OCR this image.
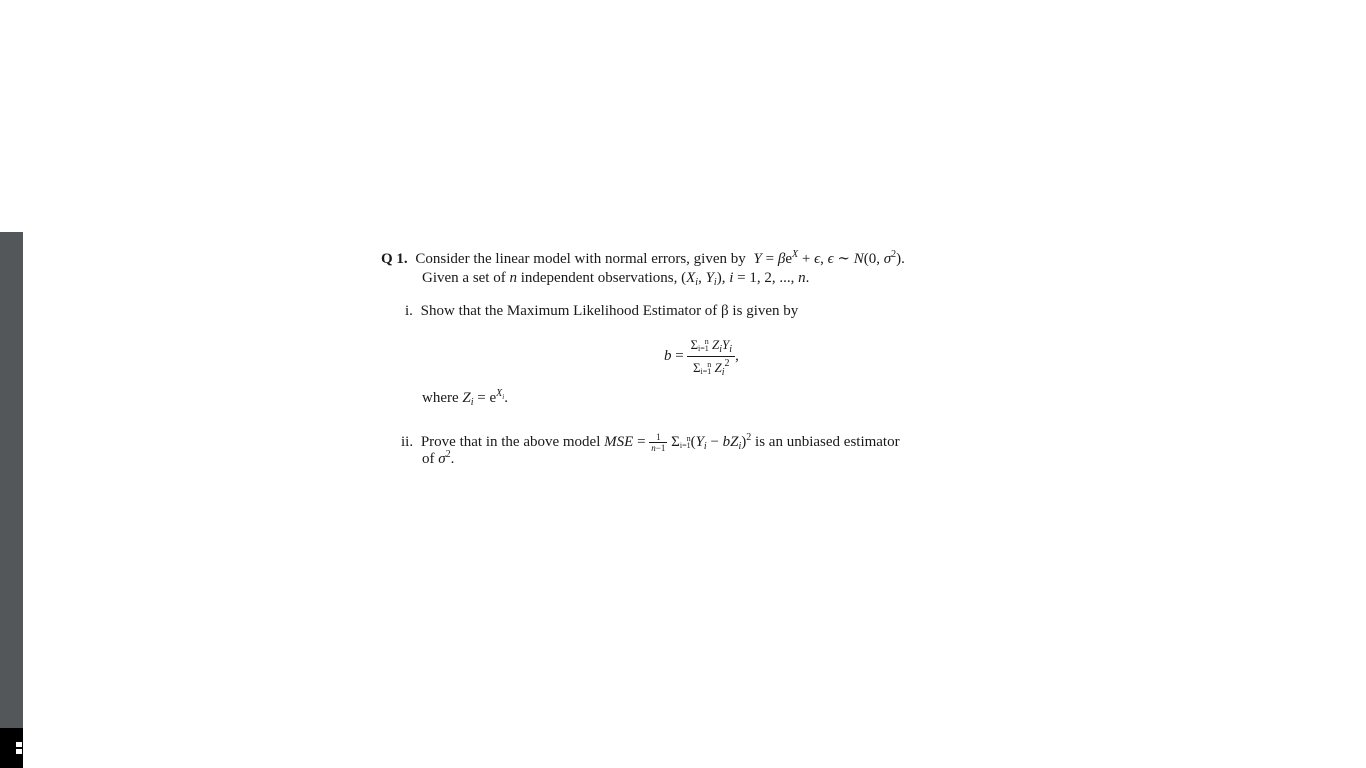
Q 1. Consider the linear model with normal errors, given by $Y = \beta e^X + \epsilon$, ϵ ∼ N(0, $\sigma^2$).
Given a set of n independent observations, ($X_i$, $Y_i$), i = 1, 2, ..., n.
i. Show that the Maximum Likelihood Estimator of β is given by
$b = \frac{\Sigma i=1^n Z_iY_i}{\Sigma i=1^n Z_i^2}$ ,
where $Z_i = e^{X_i}$.
ii. Prove that in the above model MSE = $\frac{1}{n-1} \Sigma i=1^n(Y_i - bZ_i)^2$ is an unbiased estimator
of $\sigma^2$.
